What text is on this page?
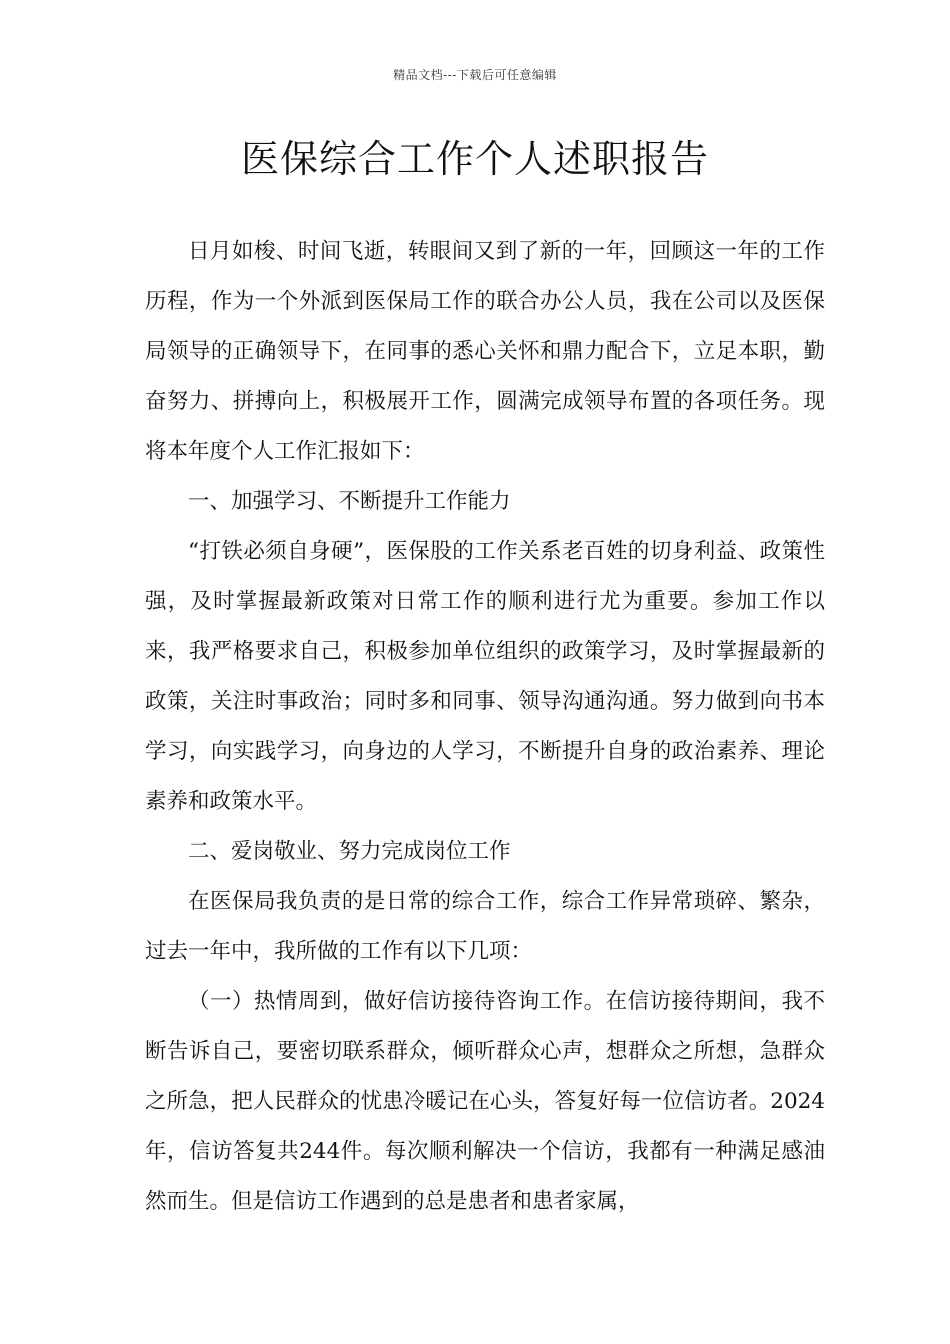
精品文档---下载后可任意编辑
医保综合工作个人述职报告

日月如梭、时间飞逝，转眼间又到了新的一年，回顾这一年的工作历程，作为一个外派到医保局工作的联合办公人员，我在公司以及医保局领导的正确领导下，在同事的悉心关怀和鼎力配合下，立足本职，勤奋努力、拼搏向上，积极展开工作，圆满完成领导布置的各项任务。现将本年度个人工作汇报如下：

一、加强学习、不断提升工作能力

“打铁必须自身硬”，医保股的工作关系老百姓的切身利益、政策性强，及时掌握最新政策对日常工作的顺利进行尤为重要。参加工作以来，我严格要求自己，积极参加单位组织的政策学习，及时掌握最新的政策，关注时事政治；同时多和同事、领导沟通沟通。努力做到向书本学习，向实践学习，向身边的人学习，不断提升自身的政治素养、理论素养和政策水平。

二、爱岗敬业、努力完成岗位工作

在医保局我负责的是日常的综合工作，综合工作异常琐碎、繁杂，过去一年中，我所做的工作有以下几项：

（一）热情周到，做好信访接待咨询工作。在信访接待期间，我不断告诉自己，要密切联系群众，倾听群众心声，想群众之所想，急群众之所急，把人民群众的忧患冷暖记在心头，答复好每一位信访者。2024年，信访答复共244件。每次顺利解决一个信访，我都有一种满足感油然而生。但是信访工作遇到的总是患者和患者家属，
